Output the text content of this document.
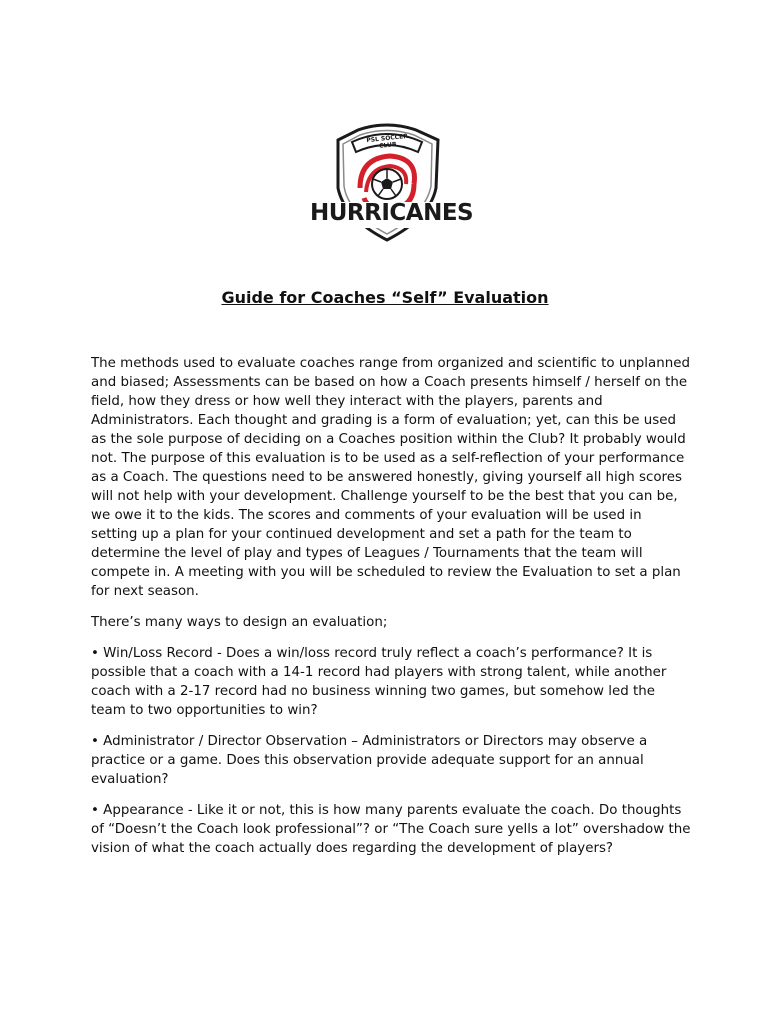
PSL SOCCER CLUB
HURRICANES
Guide for Coaches “Self” Evaluation

The methods used to evaluate coaches range from organized and scientific to unplanned and biased; Assessments can be based on how a Coach presents himself / herself on the field, how they dress or how well they interact with the players, parents and Administrators. Each thought and grading is a form of evaluation; yet, can this be used as the sole purpose of deciding on a Coaches position within the Club? It probably would not. The purpose of this evaluation is to be used as a self-reflection of your performance as a Coach. The questions need to be answered honestly, giving yourself all high scores will not help with your development. Challenge yourself to be the best that you can be, we owe it to the kids. The scores and comments of your evaluation will be used in setting up a plan for your continued development and set a path for the team to determine the level of play and types of Leagues / Tournaments that the team will compete in. A meeting with you will be scheduled to review the Evaluation to set a plan for next season.

There’s many ways to design an evaluation;

• Win/Loss Record - Does a win/loss record truly reflect a coach’s performance? It is possible that a coach with a 14-1 record had players with strong talent, while another coach with a 2-17 record had no business winning two games, but somehow led the team to two opportunities to win?

• Administrator / Director Observation – Administrators or Directors may observe a practice or a game. Does this observation provide adequate support for an annual evaluation?

• Appearance - Like it or not, this is how many parents evaluate the coach. Do thoughts of “Doesn’t the Coach look professional”? or “The Coach sure yells a lot” overshadow the vision of what the coach actually does regarding the development of players?
